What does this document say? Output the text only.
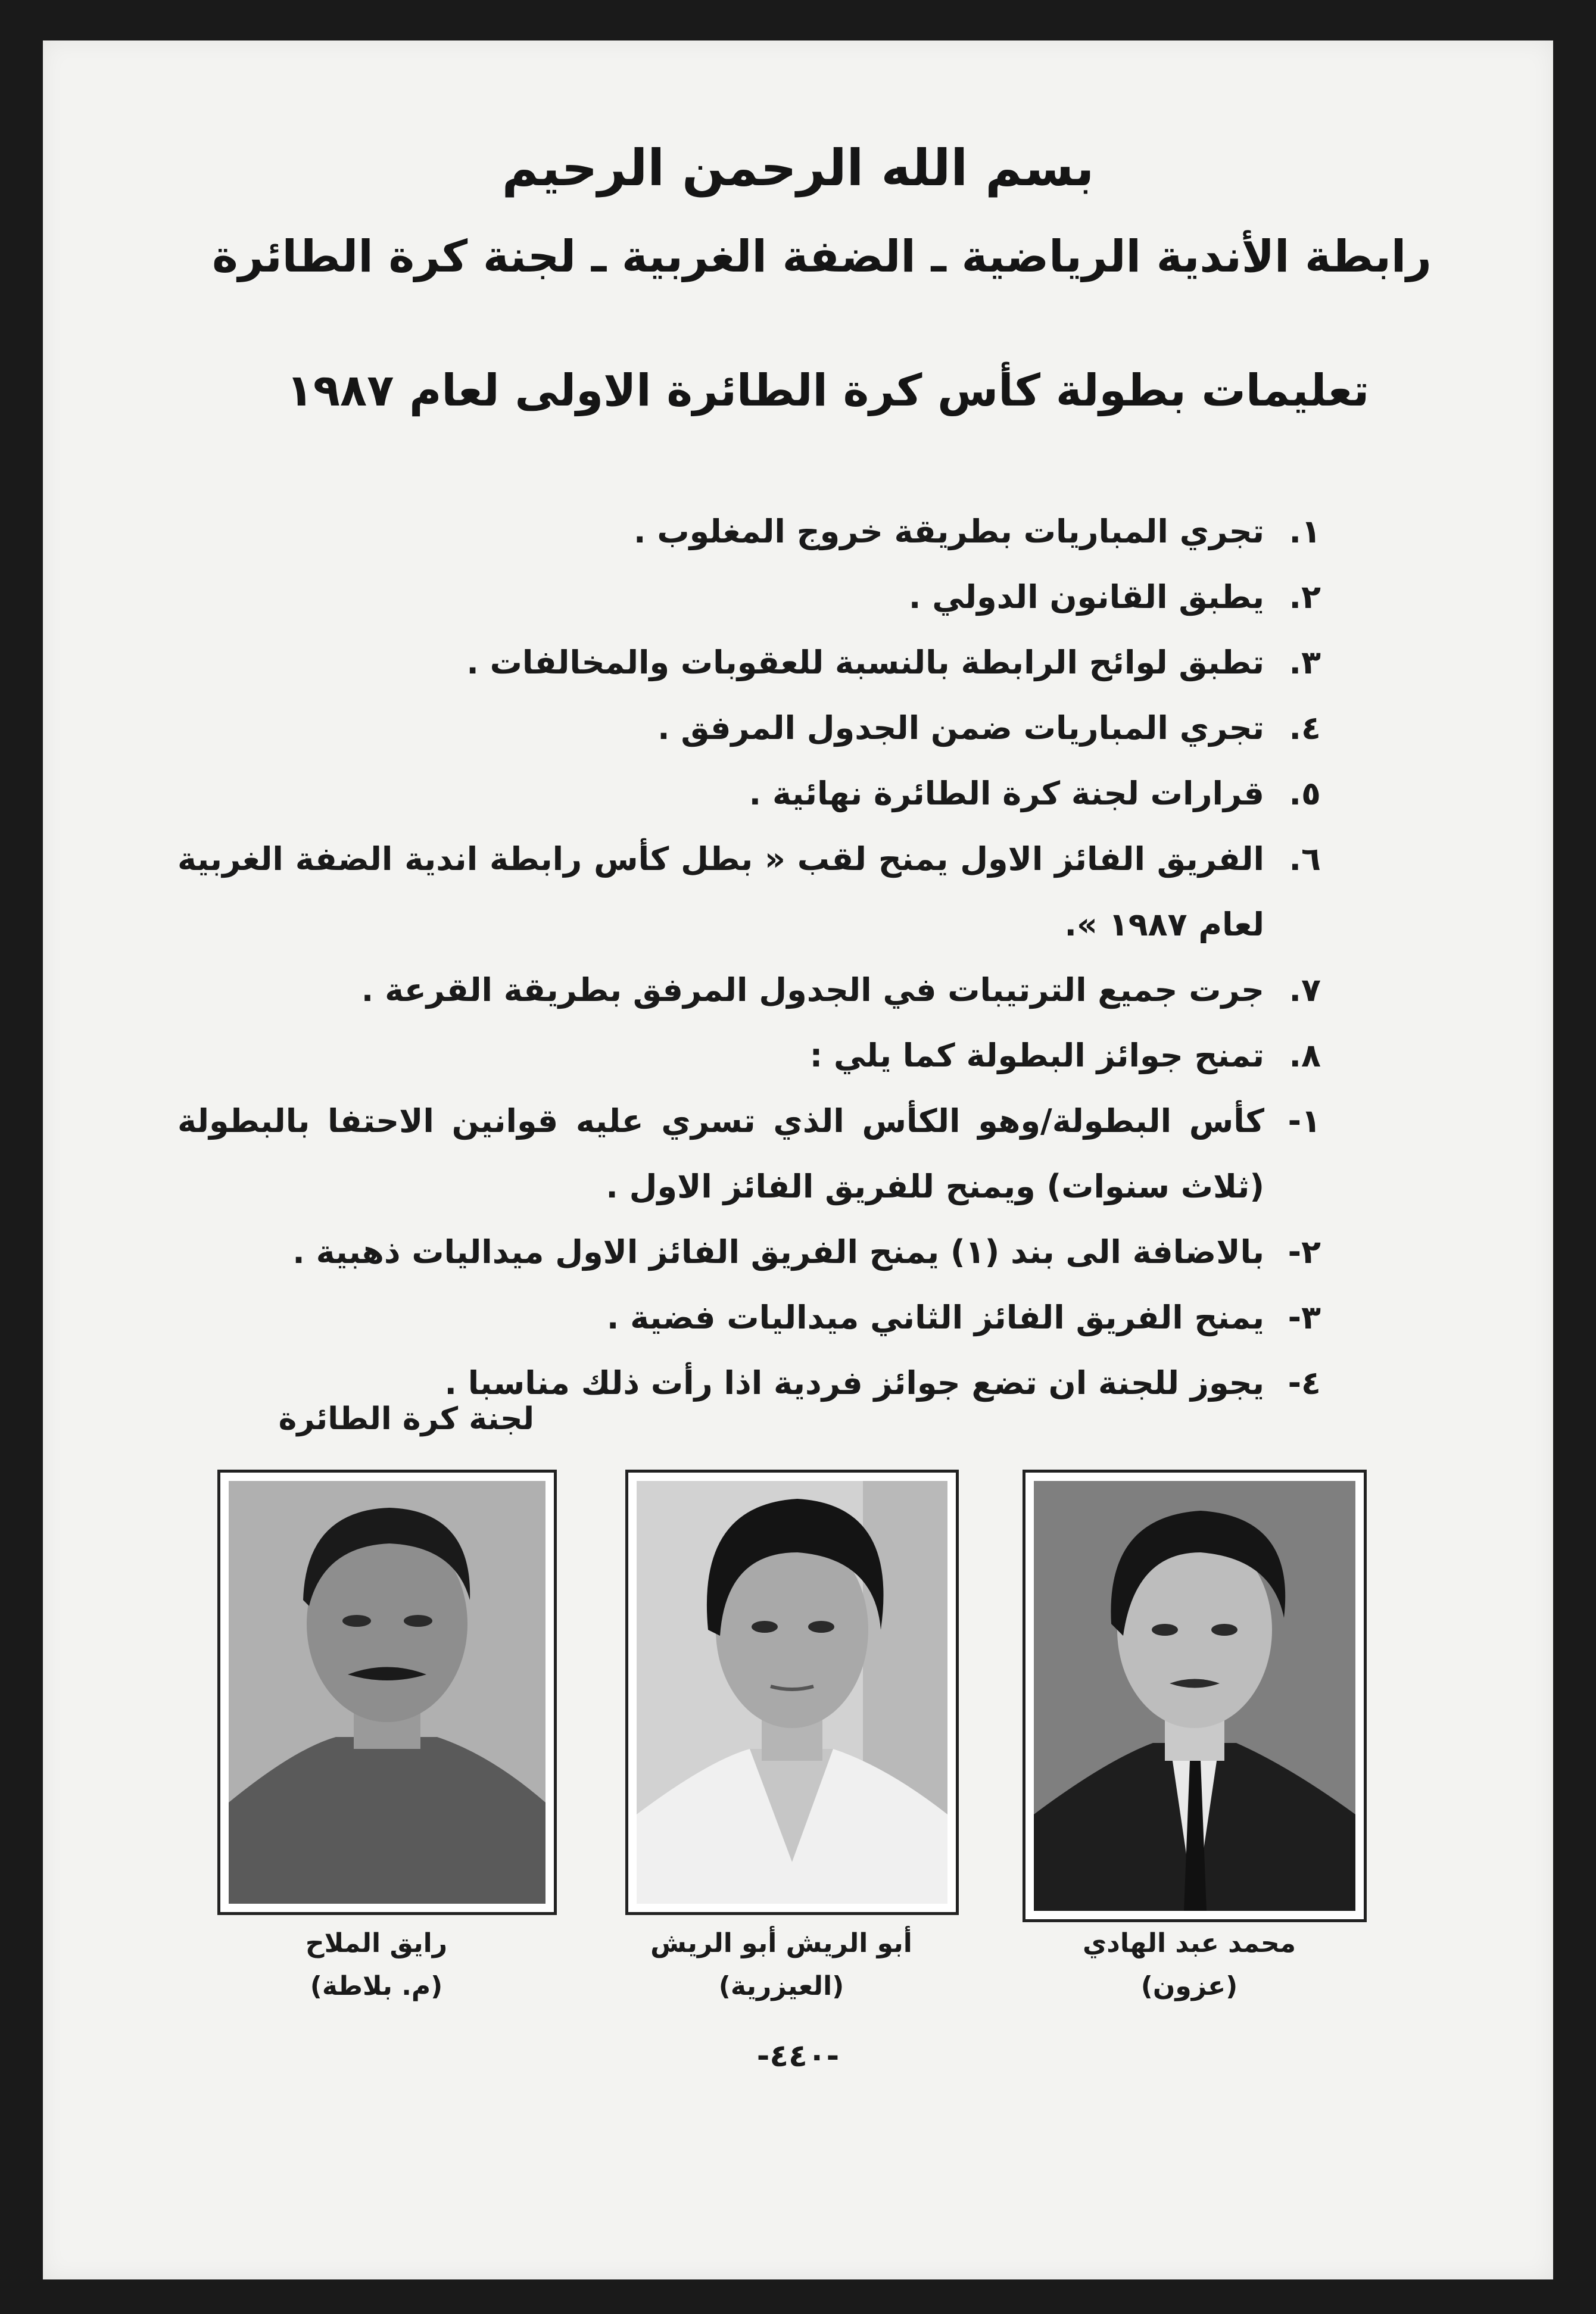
بسم الله الرحمن الرحيم
رابطة الأندية الرياضية ـ الضفة الغربية ـ لجنة كرة الطائرة
تعليمات بطولة كأس كرة الطائرة الاولى لعام ١٩٨٧
١.
تجري المباريات بطريقة خروج المغلوب .
٢.
يطبق القانون الدولي .
٣.
تطبق لوائح الرابطة بالنسبة للعقوبات والمخالفات .
٤.
تجري المباريات ضمن الجدول المرفق .
٥.
قرارات لجنة كرة الطائرة نهائية .
٦.
الفريق الفائز الاول يمنح لقب « بطل كأس رابطة اندية الضفة الغربية لعام ١٩٨٧ ».
٧.
جرت جميع الترتيبات في الجدول المرفق بطريقة القرعة .
٨.
تمنح جوائز البطولة كما يلي :
١-
كأس البطولة/وهو الكأس الذي تسري عليه قوانين الاحتفا بالبطولة (ثلاث سنوات) ويمنح للفريق الفائز الاول .
٢-
بالاضافة الى بند (١) يمنح الفريق الفائز الاول ميداليات ذهبية .
٣-
يمنح الفريق الفائز الثاني ميداليات فضية .
٤-
يجوز للجنة ان تضع جوائز فردية اذا رأت ذلك مناسبا .
لجنة كرة الطائرة
محمد عبد الهادي
(عزون)
أبو الريش أبو الريش
(العيزرية)
رايق الملاح
(م. بلاطة)
-٤٤٠-
